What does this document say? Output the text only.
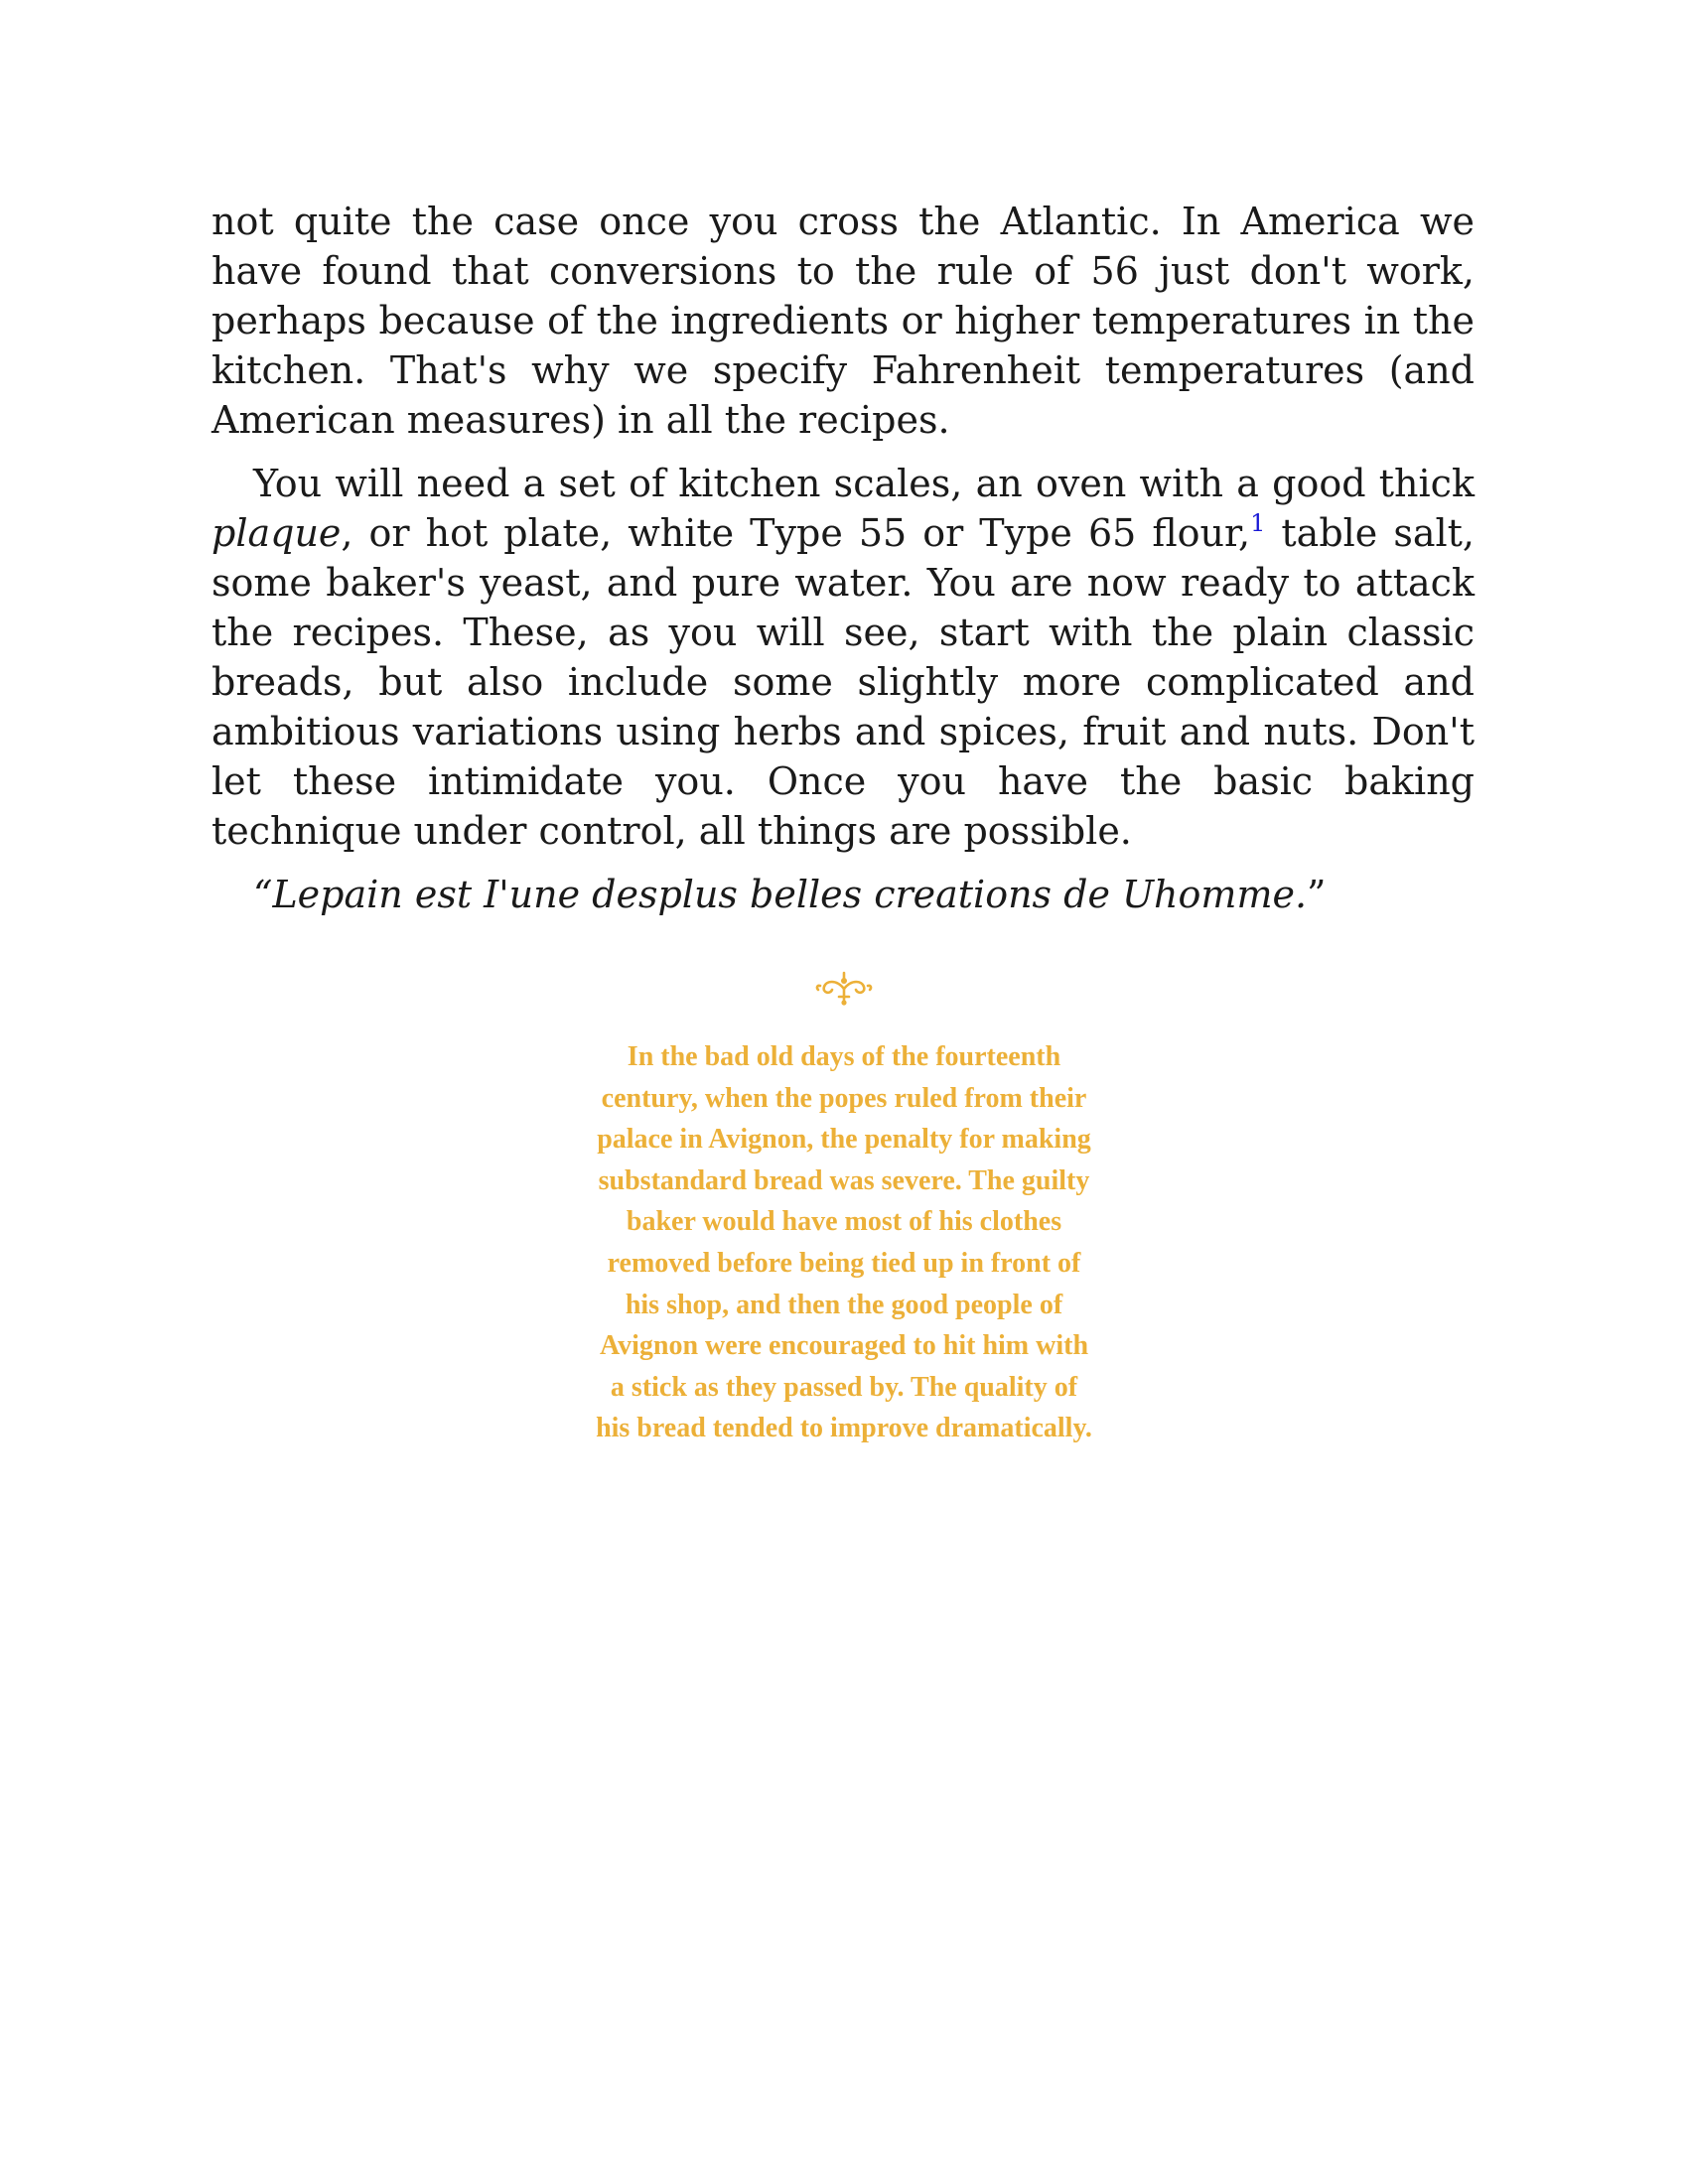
not quite the case once you cross the Atlantic. In America we have found that conversions to the rule of 56 just don't work, perhaps because of the ingredients or higher temperatures in the kitchen. That's why we specify Fahrenheit temperatures (and American measures) in all the recipes.

You will need a set of kitchen scales, an oven with a good thick plaque, or hot plate, white Type 55 or Type 65 flour,$^1$ table salt, some baker's yeast, and pure water. You are now ready to attack the recipes. These, as you will see, start with the plain classic breads, but also include some slightly more complicated and ambitious variations using herbs and spices, fruit and nuts. Don't let these intimidate you. Once you have the basic baking technique under control, all things are possible.

“Lepain est I'une desplus belles creations de Uhomme.”

In the bad old days of the fourteenth
century, when the popes ruled from their
palace in Avignon, the penalty for making
substandard bread was severe. The guilty
baker would have most of his clothes
removed before being tied up in front of
his shop, and then the good people of
Avignon were encouraged to hit him with
a stick as they passed by. The quality of
his bread tended to improve dramatically.
